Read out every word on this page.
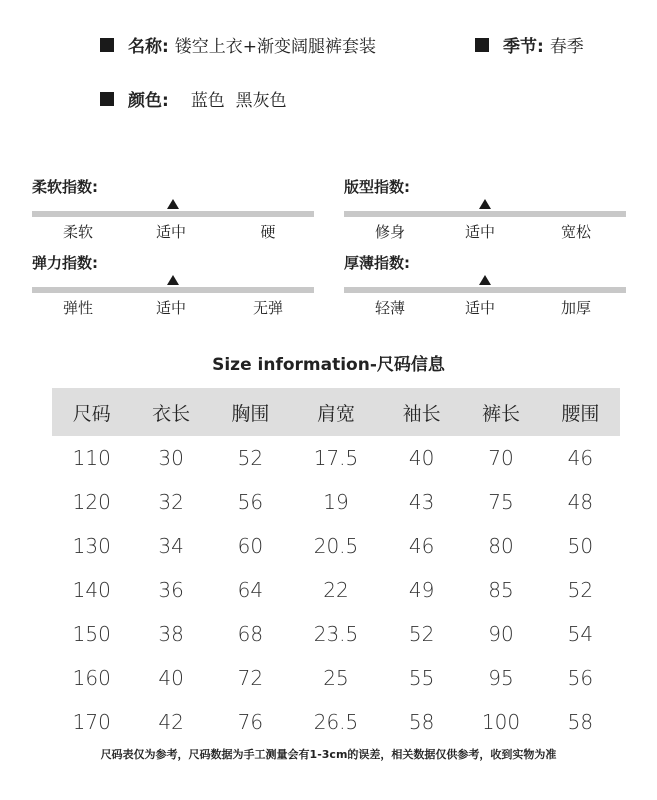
名称: 镂空上衣+渐变阔腿裤套装	季节: 春季
颜色: 蓝色  黑灰色
柔软指数:
柔软	适中	硬
版型指数:
修身	适中	宽松
弹力指数:
弹性	适中	无弹
厚薄指数:
轻薄	适中	加厚
Size information-尺码信息
尺码	衣长	胸围	肩宽	袖长	裤长	腰围
110	30	52	17.5	40	70	46
120	32	56	19	43	75	48
130	34	60	20.5	46	80	50
140	36	64	22	49	85	52
150	38	68	23.5	52	90	54
160	40	72	25	55	95	56
170	42	76	26.5	58	100	58
尺码表仅为参考，尺码数据为手工测量会有1-3cm的误差，相关数据仅供参考，收到实物为准
